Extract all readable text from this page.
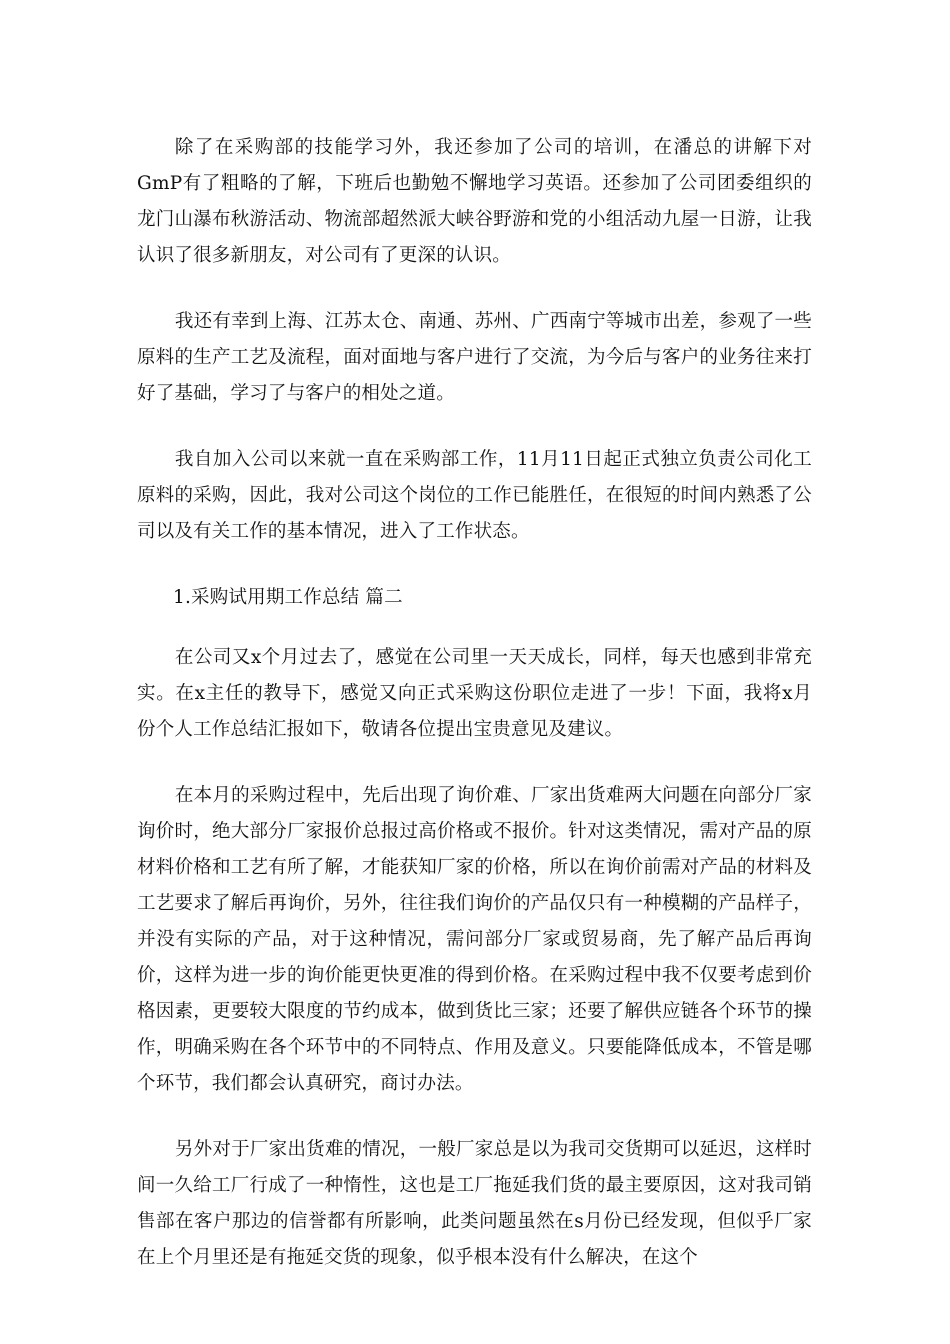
除了在采购部的技能学习外，我还参加了公司的培训，在潘总的讲解下对GmP有了粗略的了解，下班后也勤勉不懈地学习英语。还参加了公司团委组织的龙门山瀑布秋游活动、物流部超然派大峡谷野游和党的小组活动九屋一日游，让我认识了很多新朋友，对公司有了更深的认识。

我还有幸到上海、江苏太仓、南通、苏州、广西南宁等城市出差，参观了一些原料的生产工艺及流程，面对面地与客户进行了交流，为今后与客户的业务往来打好了基础，学习了与客户的相处之道。

我自加入公司以来就一直在采购部工作，11月11日起正式独立负责公司化工原料的采购，因此，我对公司这个岗位的工作已能胜任，在很短的时间内熟悉了公司以及有关工作的基本情况，进入了工作状态。

1.采购试用期工作总结 篇二

在公司又x个月过去了，感觉在公司里一天天成长，同样，每天也感到非常充实。在x主任的教导下，感觉又向正式采购这份职位走进了一步！下面，我将x月份个人工作总结汇报如下，敬请各位提出宝贵意见及建议。

在本月的采购过程中，先后出现了询价难、厂家出货难两大问题在向部分厂家询价时，绝大部分厂家报价总报过高价格或不报价。针对这类情况，需对产品的原材料价格和工艺有所了解，才能获知厂家的价格，所以在询价前需对产品的材料及工艺要求了解后再询价，另外，往往我们询价的产品仅只有一种模糊的产品样子，并没有实际的产品，对于这种情况，需问部分厂家或贸易商，先了解产品后再询价，这样为进一步的询价能更快更准的得到价格。在采购过程中我不仅要考虑到价格因素，更要较大限度的节约成本，做到货比三家；还要了解供应链各个环节的操作，明确采购在各个环节中的不同特点、作用及意义。只要能降低成本，不管是哪个环节，我们都会认真研究，商讨办法。

另外对于厂家出货难的情况，一般厂家总是以为我司交货期可以延迟，这样时间一久给工厂行成了一种惰性，这也是工厂拖延我们货的最主要原因，这对我司销售部在客户那边的信誉都有所影响，此类问题虽然在s月份已经发现，但似乎厂家在上个月里还是有拖延交货的现象，似乎根本没有什么解决，在这个
